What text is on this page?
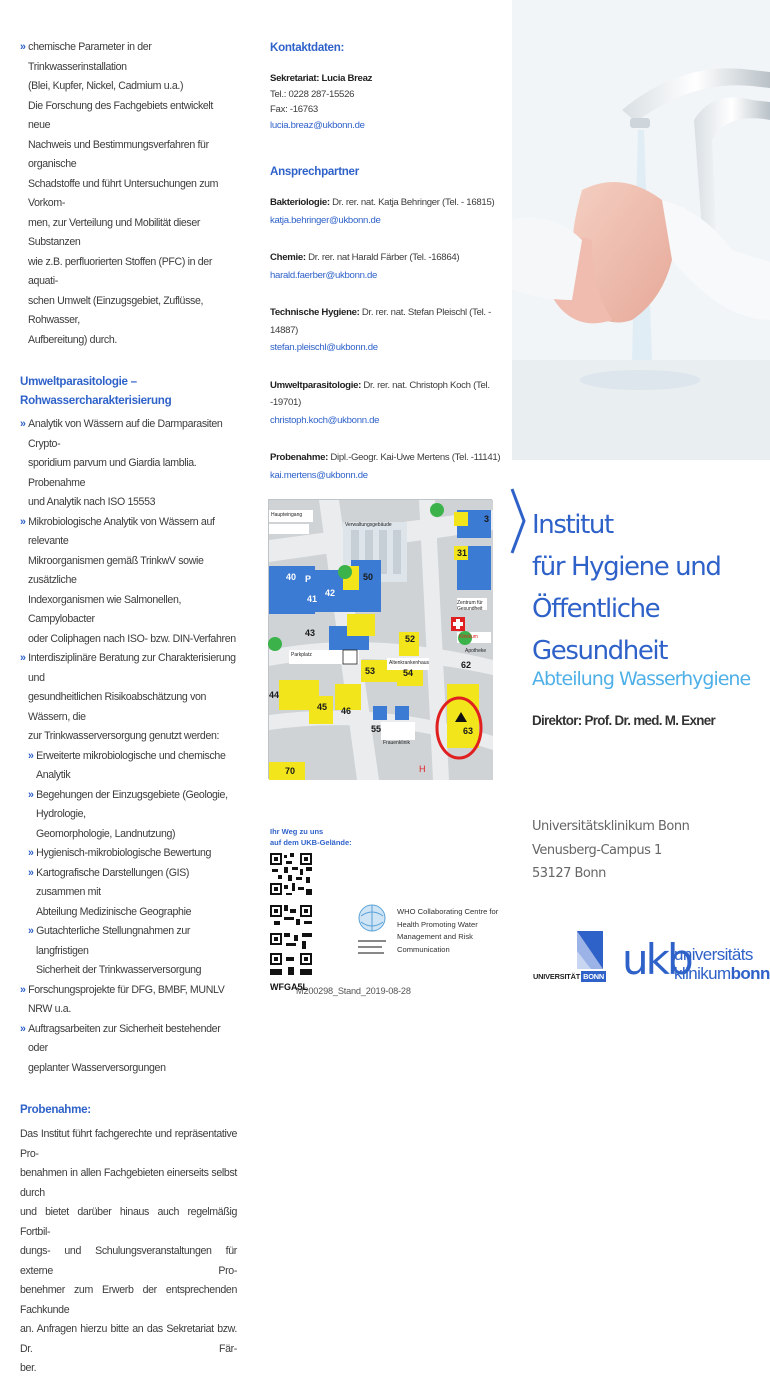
» chemische Parameter in der Trinkwasserinstallation
(Blei, Kupfer, Nickel, Cadmium u.a.)
Die Forschung des Fachgebiets entwickelt neue
Nachweis und Bestimmungsverfahren für organische
Schadstoffe und führt Untersuchungen zum Vorkom-
men, zur Verteilung und Mobilität dieser Substanzen
wie z.B. perfluorierten Stoffen (PFC) in der aquati-
schen Umwelt (Einzugsgebiet, Zuflüsse, Rohwasser,
Aufbereitung) durch.
Umweltparasitologie –
Rohwassercharakterisierung
» Analytik von Wässern auf die Darmparasiten Crypto-
sporidium parvum und Giardia lamblia. Probenahme
und Analytik nach ISO 15553
» Mikrobiologische Analytik von Wässern auf relevante
Mikroorganismen gemäß TrinkwV sowie zusätzliche
Indexorganismen wie Salmonellen, Campylobacter
oder Coliphagen nach ISO- bzw. DIN-Verfahren
» Interdisziplinäre Beratung zur Charakterisierung und
gesundheitlichen Risikoabschätzung von Wässern, die
zur Trinkwasserversorgung genutzt werden:
» Erweiterte mikrobiologische und chemische Analytik
» Begehungen der Einzugsgebiete (Geologie, Hydrologie,
Geomorphologie, Landnutzung)
» Hygienisch-mikrobiologische Bewertung
» Kartografische Darstellungen (GIS) zusammen mit
Abteilung Medizinische Geographie
» Gutachterliche Stellungnahmen zur langfristigen
Sicherheit der Trinkwasserversorgung
» Forschungsprojekte für DFG, BMBF, MUNLV NRW u.a.
» Auftragsarbeiten zur Sicherheit bestehender oder
geplanter Wasserversorgungen
Probenahme:
Das Institut führt fachgerechte und repräsentative Pro-
benahmen in allen Fachgebieten einerseits selbst durch
und bietet darüber hinaus auch regelmäßig Fortbil-
dungs- und Schulungsveranstaltungen für externe Pro-
benehmer zum Erwerb der entsprechenden Fachkunde
an. Anfragen hierzu bitte an das Sekretariat bzw. Dr. Fär-
ber.
Kontaktdaten:
Sekretariat: Lucia Breaz
Tel.: 0228 287-15526
Fax: -16763
lucia.breaz@ukbonn.de
Ansprechpartner
Bakteriologie: Dr. rer. nat. Katja Behringer (Tel. - 16815)
katja.behringer@ukbonn.de
Chemie: Dr. rer. nat Harald Färber (Tel. -16864)
harald.faerber@ukbonn.de
Technische Hygiene: Dr. rer. nat. Stefan Pleischl (Tel. - 14887)
stefan.pleischl@ukbonn.de
Umweltparasitologie: Dr. rer. nat. Christoph Koch (Tel. -19701)
christoph.koch@ukbonn.de
Probenahme: Dipl.-Geogr. Kai-Uwe Mertens (Tel. -11141)
kai.mertens@ukbonn.de
H
40
41
42
50
P
3
31
43
52
53	54
62
44
45 46
55	63
70
Haupteingang
Verwaltungsgebäude
Zentrum für Gesundheit
Klinikum
Apotheke
Altenkrankenhaus
Frauenklinik
Parkplatz
Ihr Weg zu uns
auf dem UKB-Gelände:
WFGA5L
WHO Collaborating Centre for
Health Promoting Water
Management and Risk
Communication
M200298_Stand_2019-08-28
Institut
für Hygiene und
Öffentliche Gesundheit
Abteilung Wasserhygiene
Direktor: Prof. Dr. med. M. Exner
Universitätsklinikum Bonn
Venusberg-Campus 1
53127 Bonn
UNIVERSITÄT BONN ukb
universitäts
klinikumbonn
